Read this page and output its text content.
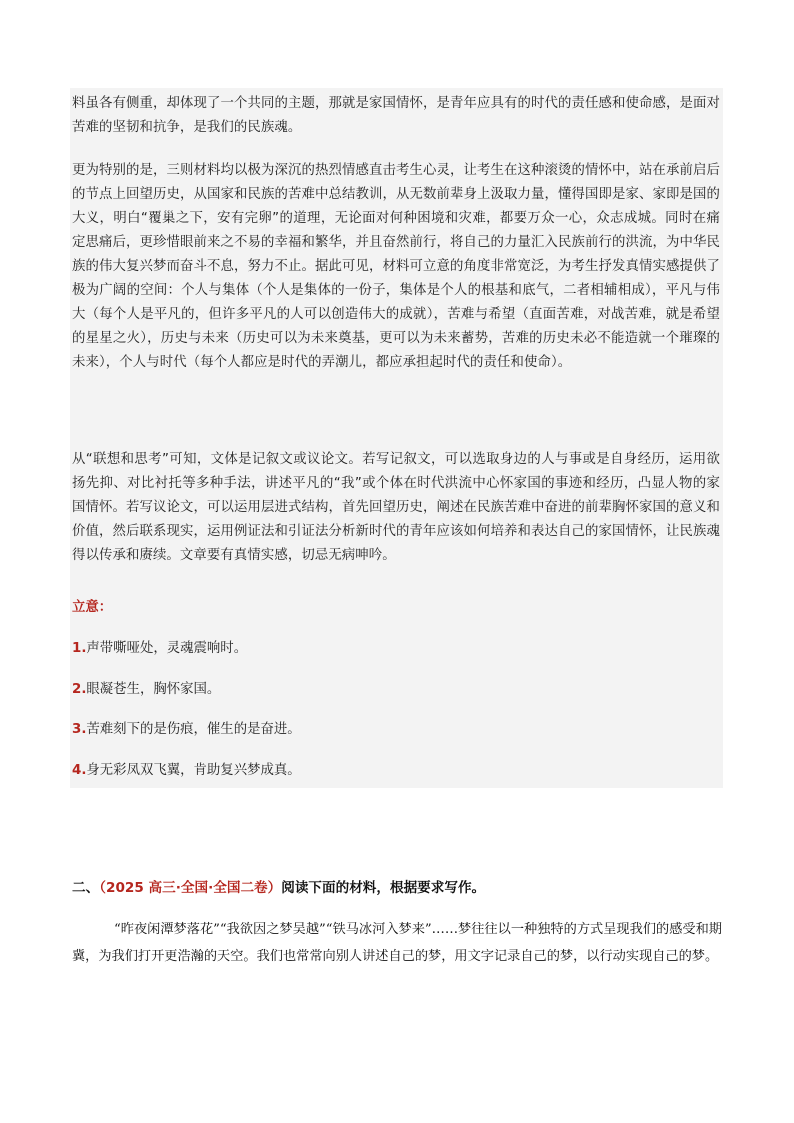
料虽各有侧重，却体现了一个共同的主题，那就是家国情怀，是青年应具有的时代的责任感和使命感，是面对苦难的坚韧和抗争，是我们的民族魂。

更为特别的是，三则材料均以极为深沉的热烈情感直击考生心灵，让考生在这种滚烫的情怀中，站在承前启后的节点上回望历史，从国家和民族的苦难中总结教训，从无数前辈身上汲取力量，懂得国即是家、家即是国的大义，明白“覆巢之下，安有完卵”的道理，无论面对何种困境和灾难，都要万众一心，众志成城。同时在痛定思痛后，更珍惜眼前来之不易的幸福和繁华，并且奋然前行，将自己的力量汇入民族前行的洪流，为中华民族的伟大复兴梦而奋斗不息，努力不止。据此可见，材料可立意的角度非常宽泛，为考生抒发真情实感提供了极为广阔的空间：个人与集体（个人是集体的一份子，集体是个人的根基和底气，二者相辅相成），平凡与伟大（每个人是平凡的，但许多平凡的人可以创造伟大的成就），苦难与希望（直面苦难，对战苦难，就是希望的星星之火），历史与未来（历史可以为未来奠基，更可以为未来蓄势，苦难的历史未必不能造就一个璀璨的未来），个人与时代（每个人都应是时代的弄潮儿，都应承担起时代的责任和使命）。

从“联想和思考”可知，文体是记叙文或议论文。若写记叙文，可以选取身边的人与事或是自身经历，运用欲扬先抑、对比衬托等多种手法，讲述平凡的“我”或个体在时代洪流中心怀家国的事迹和经历，凸显人物的家国情怀。若写议论文，可以运用层进式结构，首先回望历史，阐述在民族苦难中奋进的前辈胸怀家国的意义和价值，然后联系现实，运用例证法和引证法分析新时代的青年应该如何培养和表达自己的家国情怀，让民族魂得以传承和赓续。文章要有真情实感，切忌无病呻吟。

立意：

1.声带嘶哑处，灵魂震响时。

2.眼凝苍生，胸怀家国。

3.苦难刻下的是伤痕，催生的是奋进。

4.身无彩凤双飞翼，肯助复兴梦成真。

二、（2025 高三·全国·全国二卷）阅读下面的材料，根据要求写作。

“昨夜闲潭梦落花”“我欲因之梦吴越”“铁马冰河入梦来”……梦往往以一种独特的方式呈现我们的感受和期冀，为我们打开更浩瀚的天空。我们也常常向别人讲述自己的梦，用文字记录自己的梦，以行动实现自己的梦。
